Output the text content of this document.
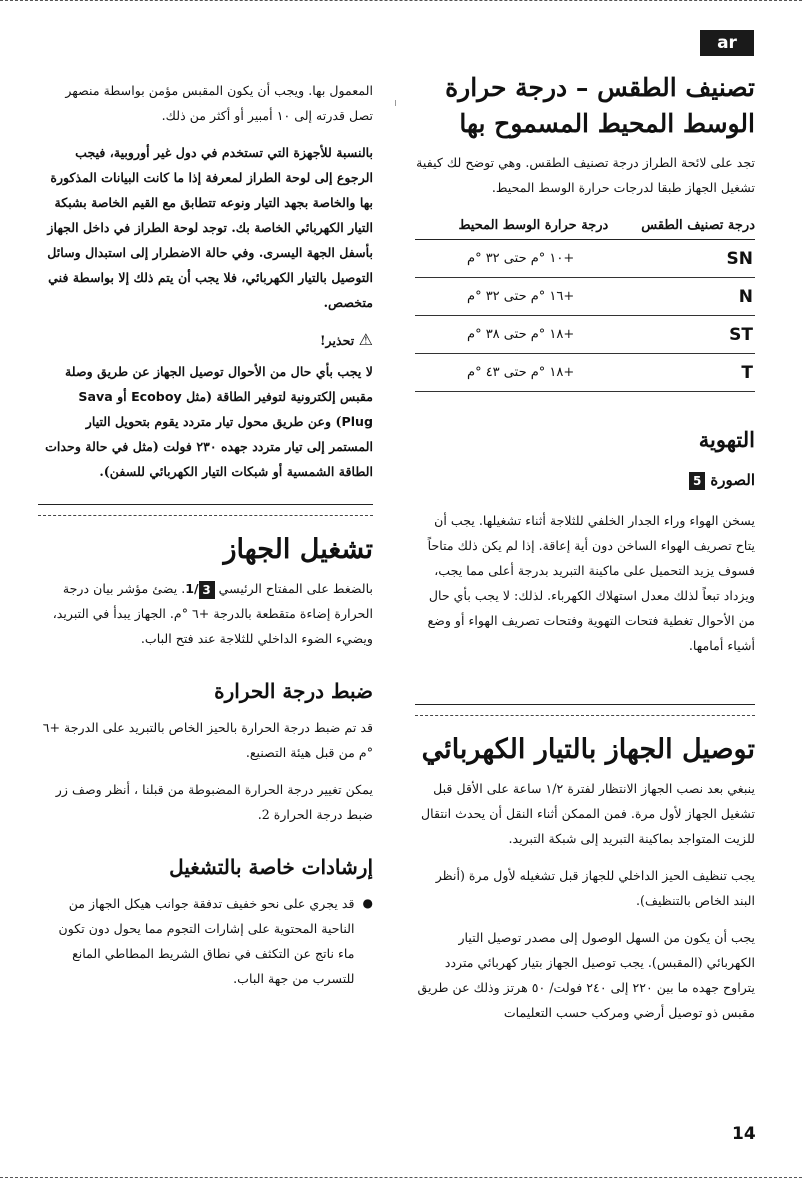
ar
تصنيف الطقس – درجة حرارة الوسط المحيط المسموح بها

تجد على لائحة الطراز درجة تصنيف الطقس. وهي توضح لك كيفية تشغيل الجهاز طبقا لدرجات حرارة الوسط المحيط.

درجة تصنيف الطقس	درجة حرارة الوسط المحيط
SN	+١٠ °م حتى ٣٢ °م
N	+١٦ °م حتى ٣٢ °م
ST	+١٨ °م حتى ٣٨ °م
T	+١٨ °م حتى ٤٣ °م
التهوية
الصورة 5

يسخن الهواء وراء الجدار الخلفي للثلاجة أثناء تشغيلها. يجب أن يتاح تصريف الهواء الساخن دون أية إعاقة. إذا لم يكن ذلك متاحاً فسوف يزيد التحميل على ماكينة التبريد بدرجة أعلى مما يجب، ويزداد تبعاً لذلك معدل استهلاك الكهرباء. لذلك: لا يجب بأي حال من الأحوال تغطية فتحات التهوية وفتحات تصريف الهواء أو وضع أشياء أمامها.

توصيل الجهاز بالتيار الكهربائي

ينبغي بعد نصب الجهاز الانتظار لفترة ١/٢ ساعة على الأقل قبل تشغيل الجهاز لأول مرة. فمن الممكن أثناء النقل أن يحدث انتقال للزيت المتواجد بماكينة التبريد إلى شبكة التبريد.

يجب تنظيف الحيز الداخلي للجهاز قبل تشغيله لأول مرة (أنظر البند الخاص بالتنظيف).

يجب أن يكون من السهل الوصول إلى مصدر توصيل التيار الكهربائي (المقبس). يجب توصيل الجهاز بتيار كهربائي متردد يتراوح جهده ما بين ٢٢٠ إلى ٢٤٠ فولت/ ٥٠ هرتز وذلك عن طريق مقبس ذو توصيل أرضي ومركب حسب التعليمات

المعمول بها. ويجب أن يكون المقبس مؤمن بواسطة منصهر تصل قدرته إلى ١٠ أمبير أو أكثر من ذلك.

بالنسبة للأجهزة التي تستخدم في دول غير أوروبية، فيجب الرجوع إلى لوحة الطراز لمعرفة إذا ما كانت البيانات المذكورة بها والخاصة بجهد التيار ونوعه تتطابق مع القيم الخاصة بشبكة التيار الكهربائي الخاصة بك. توجد لوحة الطراز في داخل الجهاز بأسفل الجهة اليسرى. وفي حالة الاضطرار إلى استبدال وسائل التوصيل بالتيار الكهربائي، فلا يجب أن يتم ذلك إلا بواسطة فني متخصص.

⚠ تحذير!

لا يجب بأي حال من الأحوال توصيل الجهاز عن طريق وصلة مقبس إلكترونية لتوفير الطاقة (مثل Ecoboy أو Sava Plug) وعن طريق محول تيار متردد يقوم بتحويل التيار المستمر إلى تيار متردد جهده ٢٣٠ فولت (مثل في حالة وحدات الطاقة الشمسية أو شبكات التيار الكهربائي للسفن).

تشغيل الجهاز

بالضغط على المفتاح الرئيسي 31/. يضئ مؤشر بيان درجة الحرارة إضاءة متقطعة بالدرجة +٦ °م. الجهاز يبدأ في التبريد، ويضيء الضوء الداخلي للثلاجة عند فتح الباب.

ضبط درجة الحرارة

قد تم ضبط درجة الحرارة بالحيز الخاص بالتبريد على الدرجة +٦ °م من قبل هيئة التصنيع.

يمكن تغيير درجة الحرارة المضبوطة من قبلنا ، أنظر وصف زر ضبط درجة الحرارة 2.

إرشادات خاصة بالتشغيل
●

قد يجري على نحو خفيف تدفقة جوانب هيكل الجهاز من الناحية المحتوية على إشارات التجوم مما يحول دون تكون ماء ناتج عن التكثف في نطاق الشريط المطاطي المانع للتسرب من جهة الباب.

14
